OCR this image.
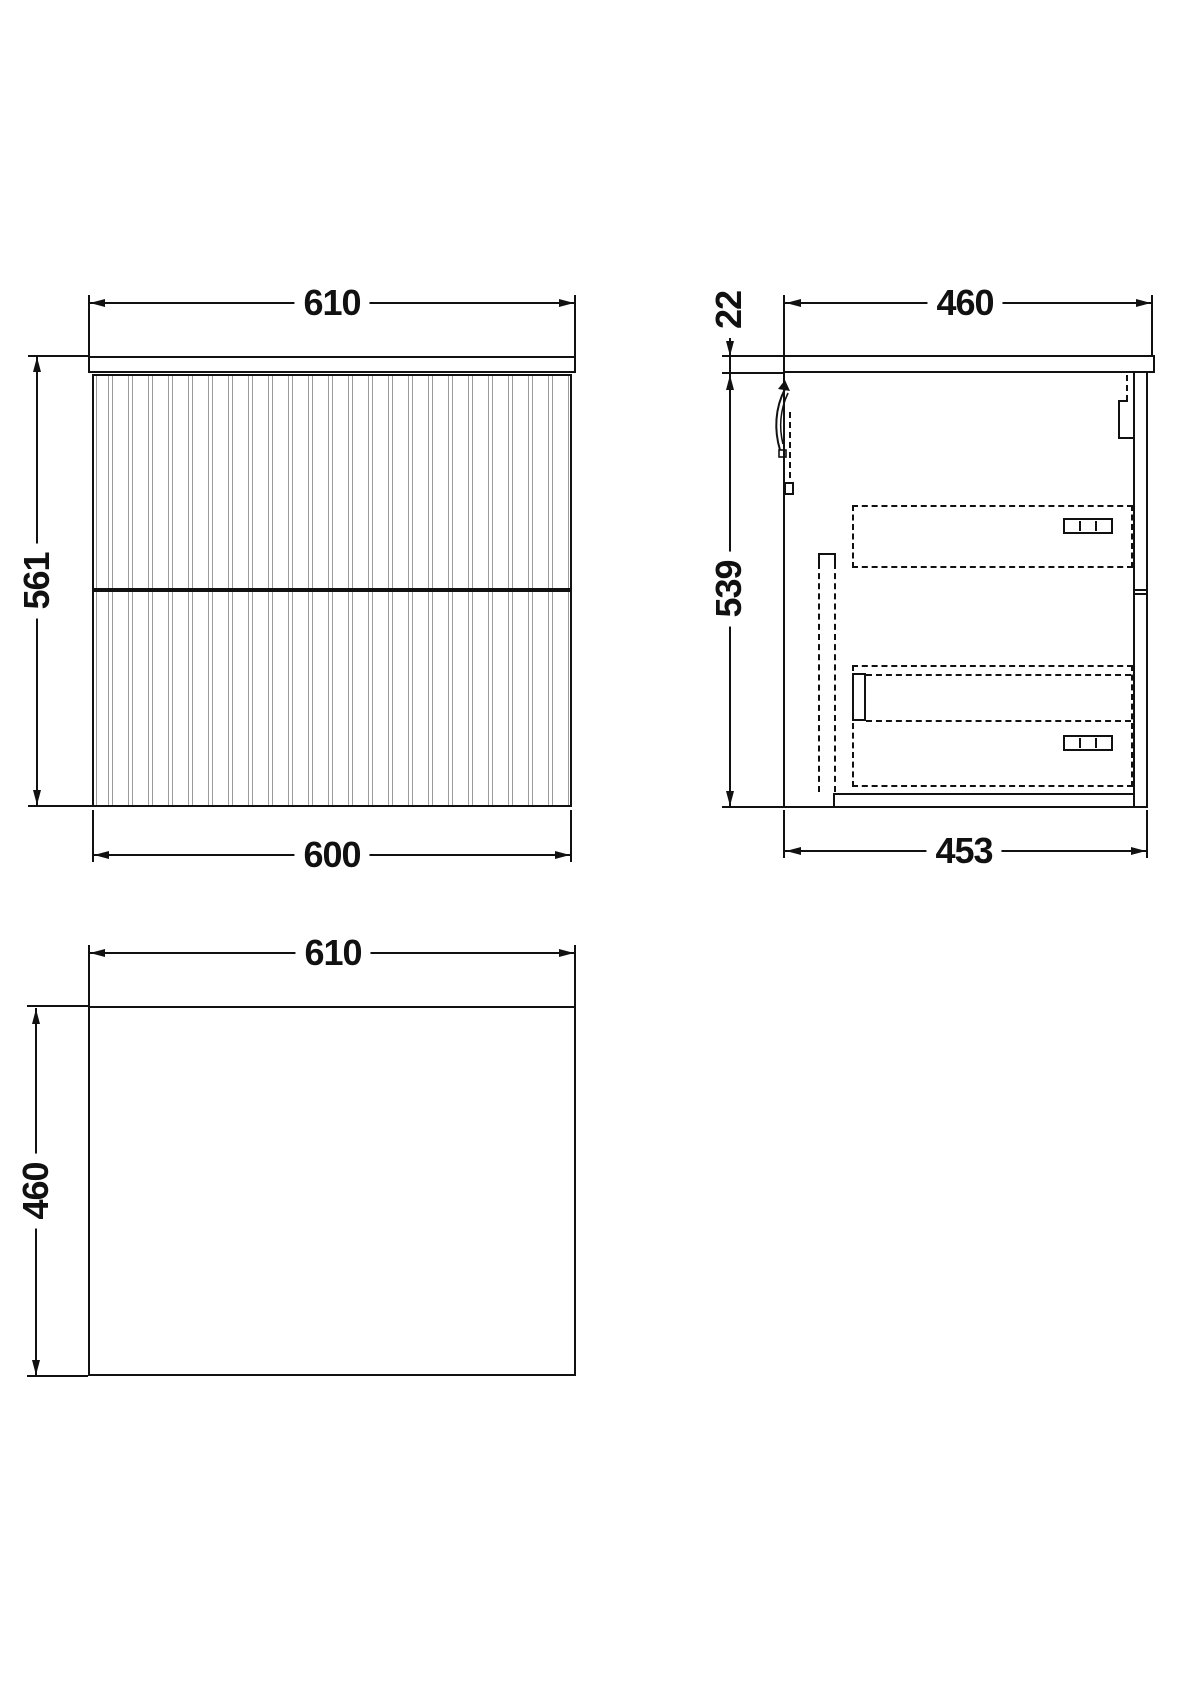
610
561
600
460
22
539
453
610
460
